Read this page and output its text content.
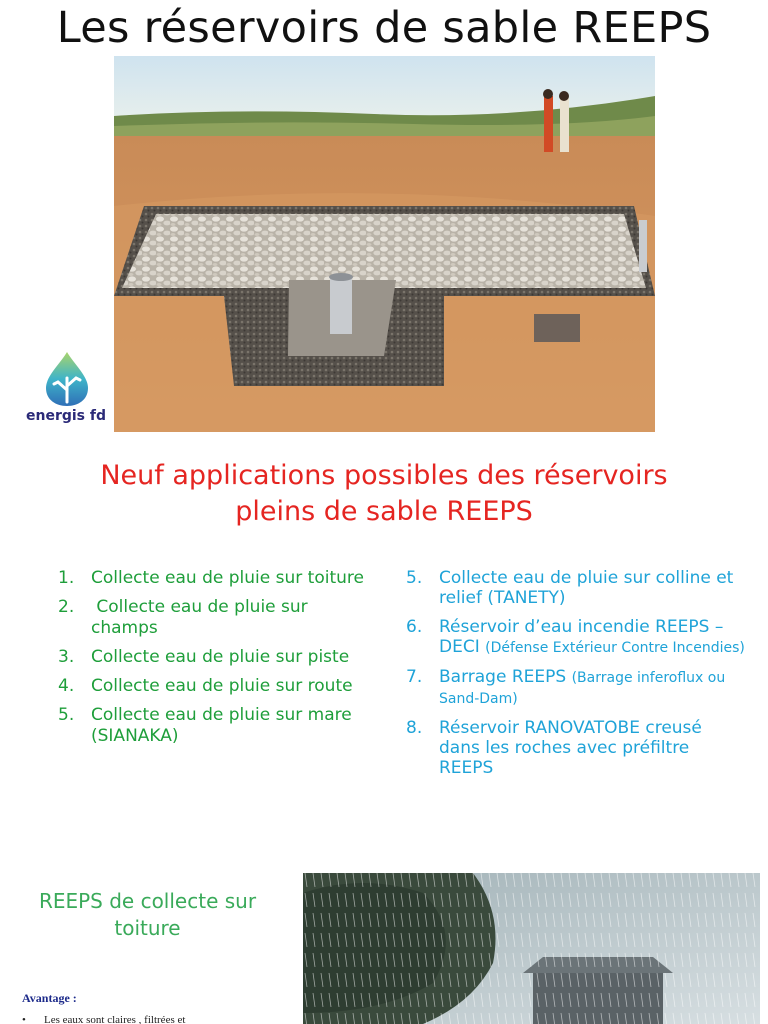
Les réservoirs de sable REEPS
energis fd
Neuf applications possibles des réservoirs
pleins de sable REEPS
1. Collecte eau de pluie sur toiture
2. Collecte eau de pluie sur champs
3. Collecte eau de pluie sur piste
4. Collecte eau de pluie sur route
5. Collecte eau de pluie sur mare (SIANAKA)
5. Collecte eau de pluie sur colline et relief (TANETY)
6. Réservoir d’eau incendie REEPS – DECI (Défense Extérieur Contre Incendies)
7. Barrage REEPS (Barrage inferoflux ou Sand-Dam)
8. Réservoir RANOVATOBE creusé dans les roches avec préfiltre REEPS
REEPS de collecte sur
toiture
Avantage :
• Les eaux sont claires , filtrées et
